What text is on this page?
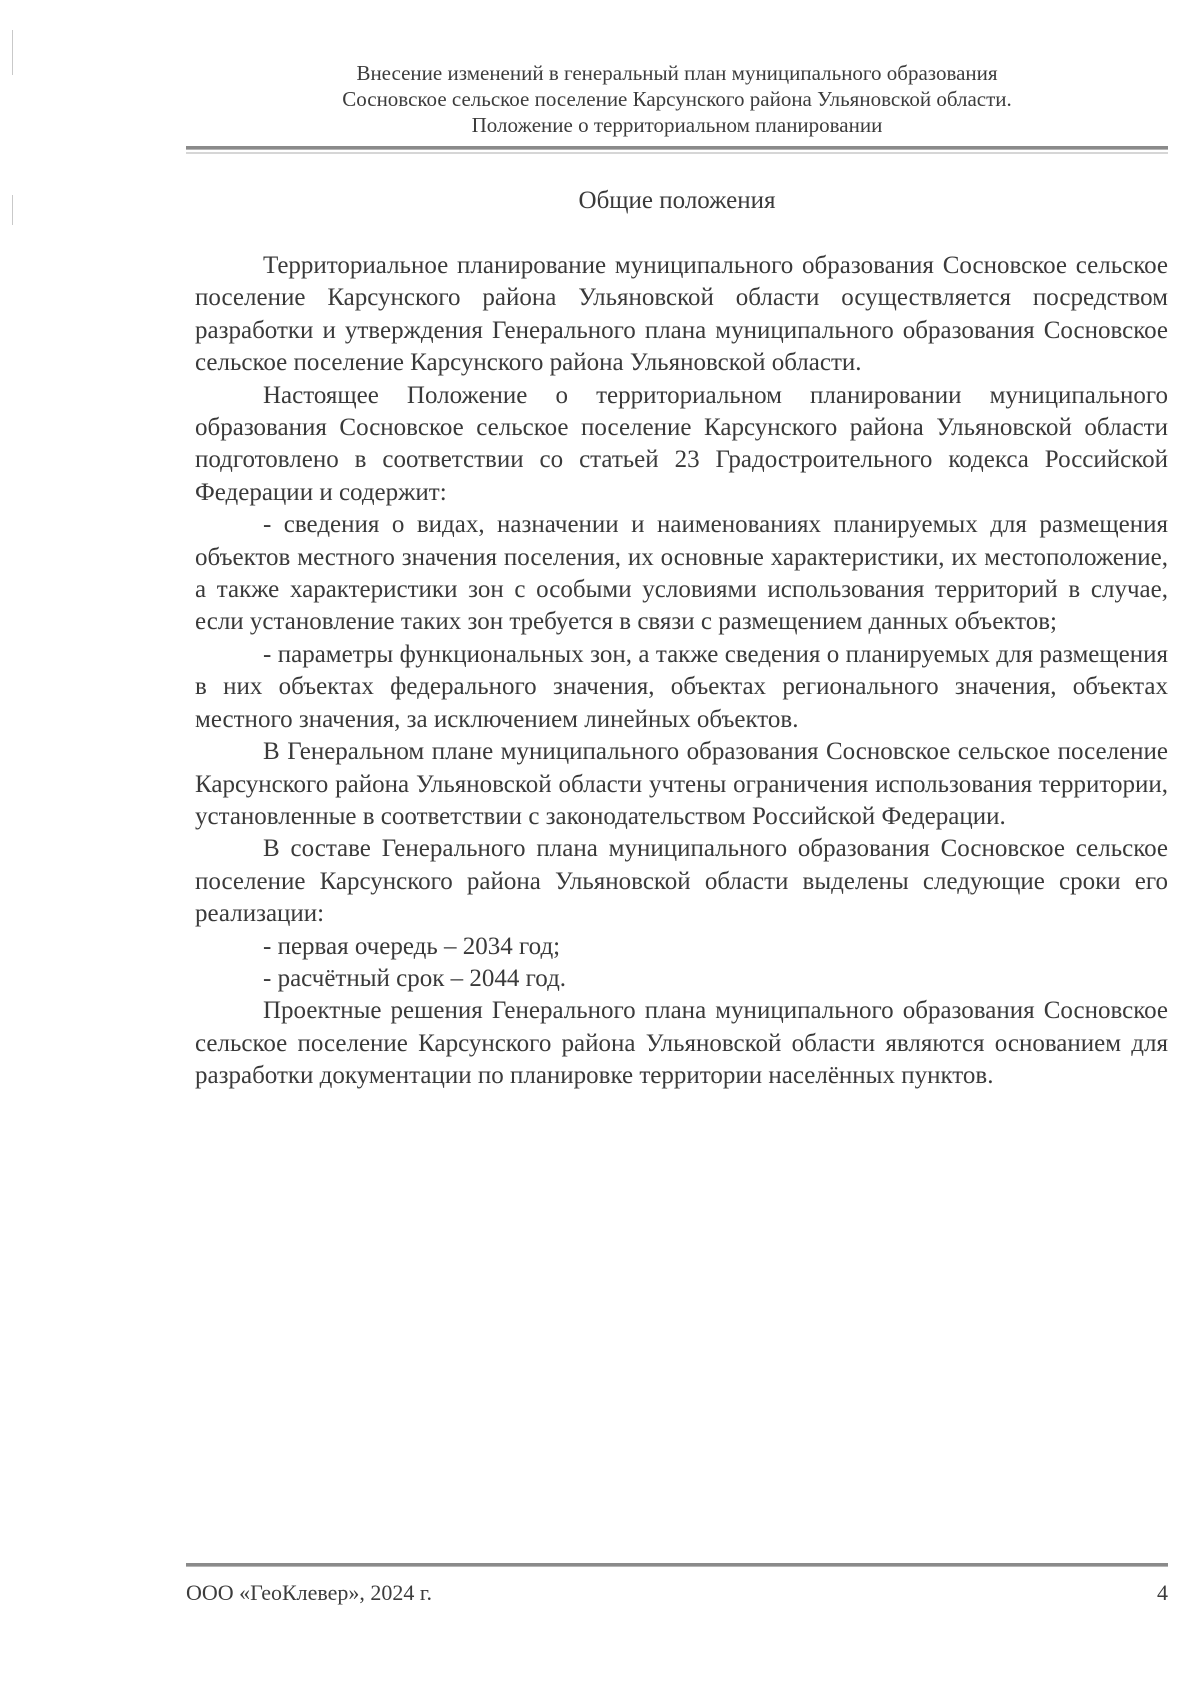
Внесение изменений в генеральный план муниципального образования
Сосновское сельское поселение Карсунского района Ульяновской области.
Положение о территориальном планировании
Общие положения

Территориальное планирование муниципального образования Сосновское сельское поселение Карсунского района Ульяновской области осуществляется посредством разработки и утверждения Генерального плана муниципального образования Сосновское сельское поселение Карсунского района Ульяновской области.

Настоящее Положение о территориальном планировании муниципального образования Сосновское сельское поселение Карсунского района Ульяновской области подготовлено в соответствии со статьей 23 Градостроительного кодекса Российской Федерации и содержит:

- сведения о видах, назначении и наименованиях планируемых для размещения объектов местного значения поселения, их основные характеристики, их местоположение, а также характеристики зон с особыми условиями использования территорий в случае, если установление таких зон требуется в связи с размещением данных объектов;

- параметры функциональных зон, а также сведения о планируемых для размещения в них объектах федерального значения, объектах регионального значения, объектах местного значения, за исключением линейных объектов.

В Генеральном плане муниципального образования Сосновское сельское поселение Карсунского района Ульяновской области учтены ограничения использования территории, установленные в соответствии с законодательством Российской Федерации.

В составе Генерального плана муниципального образования Сосновское сельское поселение Карсунского района Ульяновской области выделены следующие сроки его реализации:

- первая очередь – 2034 год;

- расчётный срок – 2044 год.

Проектные решения Генерального плана муниципального образования Сосновское сельское поселение Карсунского района Ульяновской области являются основанием для разработки документации по планировке территории населённых пунктов.

ООО «ГеоКлевер», 2024 г.	4
